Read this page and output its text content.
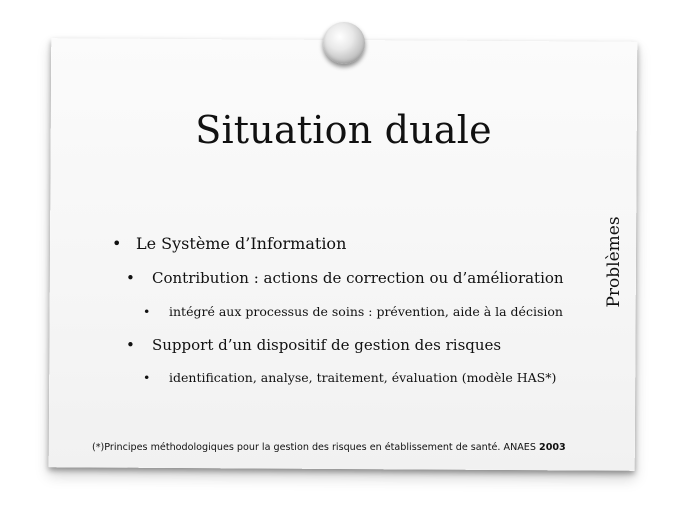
Situation duale
Problèmes
• Le Système d’Information
• Contribution : actions de correction ou d’amélioration
• intégré aux processus de soins : prévention, aide à la décision
• Support d’un dispositif de gestion des risques
• identification, analyse, traitement, évaluation (modèle HAS*)
(*)Principes méthodologiques pour la gestion des risques en établissement de santé. ANAES 2003
